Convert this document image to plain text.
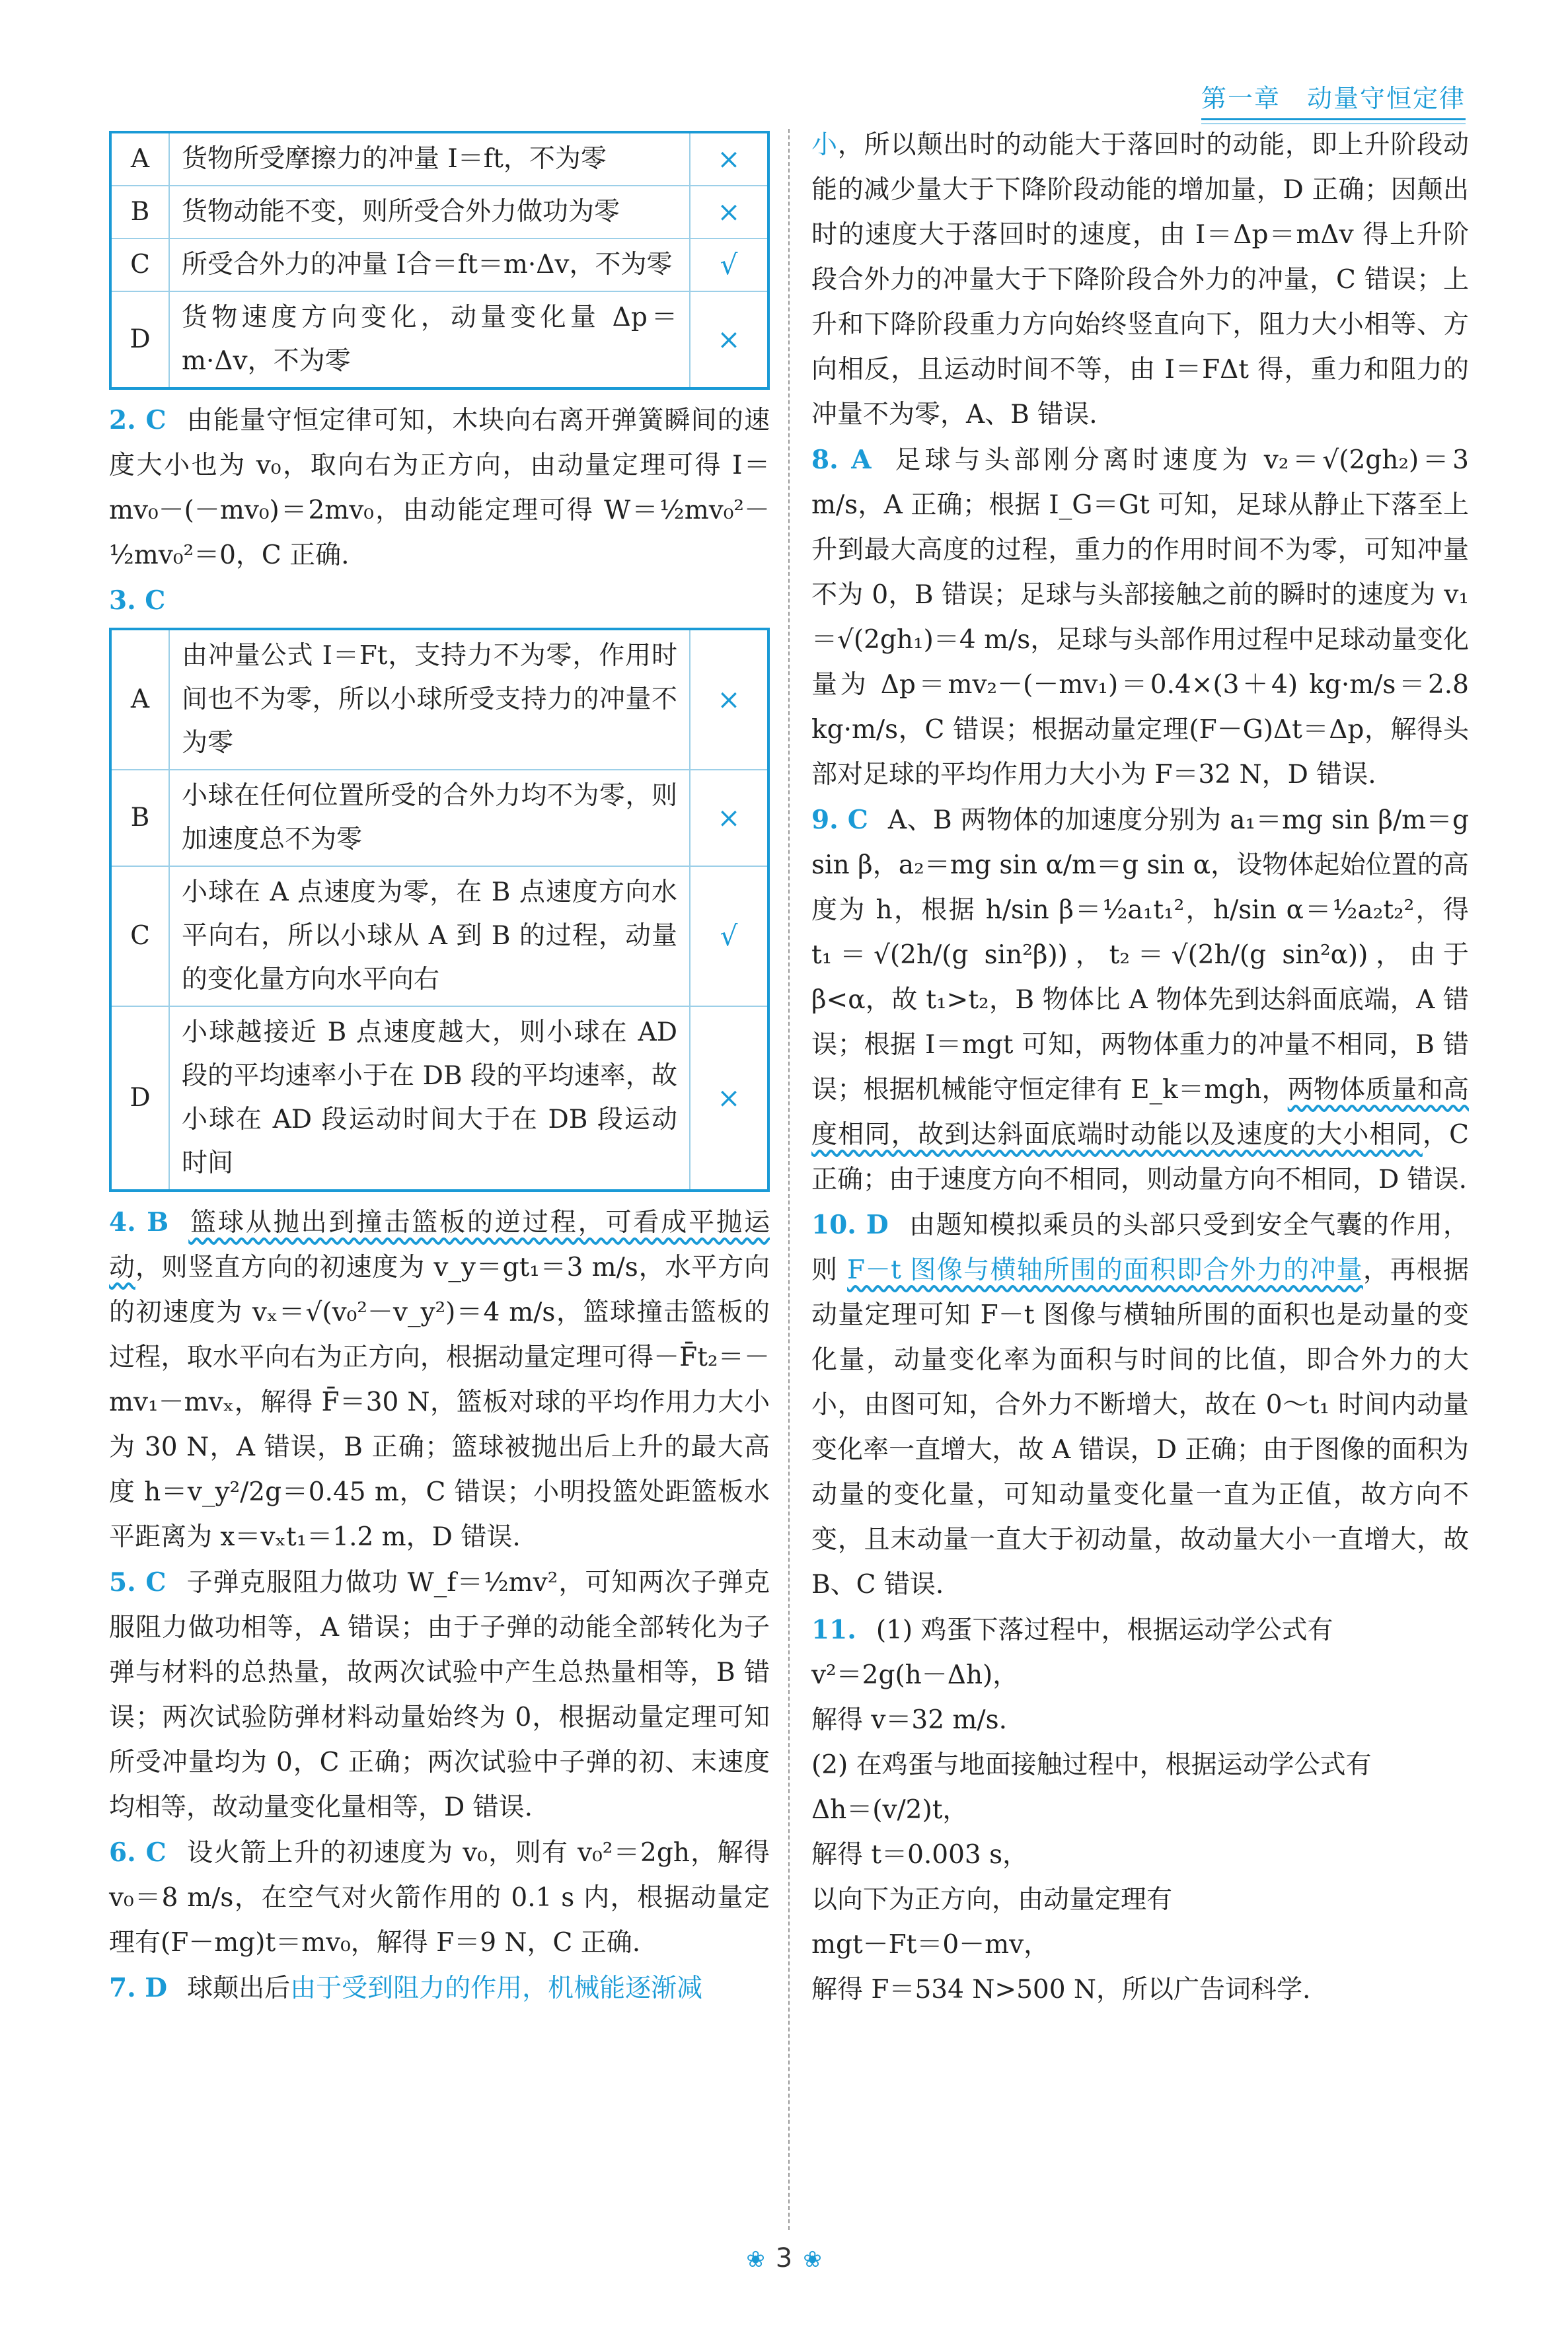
第一章　动量守恒定律
A	货物所受摩擦力的冲量 I＝ft，不为零	×
B	货物动能不变，则所受合外力做功为零	×
C	所受合外力的冲量 I合＝ft＝m·Δv，不为零	√
D	货物速度方向变化，动量变化量 Δp＝m·Δv，不为零	×

2. C 由能量守恒定律可知，木块向右离开弹簧瞬间的速度大小也为 v₀，取向右为正方向，由动量定理可得 I＝mv₀－(－mv₀)＝2mv₀，由动能定理可得 W＝½mv₀²－½mv₀²＝0，C 正确.

3. C

A	由冲量公式 I＝Ft，支持力不为零，作用时间也不为零，所以小球所受支持力的冲量不为零	×
B	小球在任何位置所受的合外力均不为零，则加速度总不为零	×
C	小球在 A 点速度为零，在 B 点速度方向水平向右，所以小球从 A 到 B 的过程，动量的变化量方向水平向右	√
D	小球越接近 B 点速度越大，则小球在 AD 段的平均速率小于在 DB 段的平均速率，故小球在 AD 段运动时间大于在 DB 段运动时间	×

4. B 篮球从抛出到撞击篮板的逆过程，可看成平抛运动，则竖直方向的初速度为 v_y＝gt₁＝3 m/s，水平方向的初速度为 vₓ＝√(v₀²－v_y²)＝4 m/s，篮球撞击篮板的过程，取水平向右为正方向，根据动量定理可得－F̄t₂＝－mv₁－mvₓ，解得 F̄＝30 N，篮板对球的平均作用力大小为 30 N，A 错误，B 正确；篮球被抛出后上升的最大高度 h＝v_y²/2g＝0.45 m，C 错误；小明投篮处距篮板水平距离为 x＝vₓt₁＝1.2 m，D 错误.

5. C 子弹克服阻力做功 W_f＝½mv²，可知两次子弹克服阻力做功相等，A 错误；由于子弹的动能全部转化为子弹与材料的总热量，故两次试验中产生总热量相等，B 错误；两次试验防弹材料动量始终为 0，根据动量定理可知所受冲量均为 0，C 正确；两次试验中子弹的初、末速度均相等，故动量变化量相等，D 错误.

6. C 设火箭上升的初速度为 v₀，则有 v₀²＝2gh，解得 v₀＝8 m/s，在空气对火箭作用的 0.1 s 内，根据动量定理有(F－mg)t＝mv₀，解得 F＝9 N，C 正确.

7. D 球颠出后由于受到阻力的作用，机械能逐渐减

小，所以颠出时的动能大于落回时的动能，即上升阶段动能的减少量大于下降阶段动能的增加量，D 正确；因颠出时的速度大于落回时的速度，由 I＝Δp＝mΔv 得上升阶段合外力的冲量大于下降阶段合外力的冲量，C 错误；上升和下降阶段重力方向始终竖直向下，阻力大小相等、方向相反，且运动时间不等，由 I＝FΔt 得，重力和阻力的冲量不为零，A、B 错误.

8. A 足球与头部刚分离时速度为 v₂＝√(2gh₂)＝3 m/s，A 正确；根据 I_G＝Gt 可知，足球从静止下落至上升到最大高度的过程，重力的作用时间不为零，可知冲量不为 0，B 错误；足球与头部接触之前的瞬时的速度为 v₁＝√(2gh₁)＝4 m/s，足球与头部作用过程中足球动量变化量为 Δp＝mv₂－(－mv₁)＝0.4×(3＋4) kg·m/s＝2.8 kg·m/s，C 错误；根据动量定理(F－G)Δt＝Δp，解得头部对足球的平均作用力大小为 F＝32 N，D 错误.

9. C A、B 两物体的加速度分别为 a₁＝mg sin β/m＝g sin β，a₂＝mg sin α/m＝g sin α，设物体起始位置的高度为 h，根据 h/sin β＝½a₁t₁²，h/sin α＝½a₂t₂²，得 t₁＝√(2h/(g sin²β))，t₂＝√(2h/(g sin²α))，由于 β<α，故 t₁>t₂，B 物体比 A 物体先到达斜面底端，A 错误；根据 I＝mgt 可知，两物体重力的冲量不相同，B 错误；根据机械能守恒定律有 E_k＝mgh，两物体质量和高度相同，故到达斜面底端时动能以及速度的大小相同，C 正确；由于速度方向不相同，则动量方向不相同，D 错误.

10. D 由题知模拟乘员的头部只受到安全气囊的作用，则 F－t 图像与横轴所围的面积即合外力的冲量，再根据动量定理可知 F－t 图像与横轴所围的面积也是动量的变化量，动量变化率为面积与时间的比值，即合外力的大小，由图可知，合外力不断增大，故在 0～t₁ 时间内动量变化率一直增大，故 A 错误，D 正确；由于图像的面积为动量的变化量，可知动量变化量一直为正值，故方向不变，且末动量一直大于初动量，故动量大小一直增大，故 B、C 错误.

11. (1) 鸡蛋下落过程中，根据运动学公式有

v²＝2g(h－Δh)，

解得 v＝32 m/s.

(2) 在鸡蛋与地面接触过程中，根据运动学公式有

Δh＝(v/2)t，

解得 t＝0.003 s，

以向下为正方向，由动量定理有

mgt－Ft＝0－mv，

解得 F＝534 N>500 N，所以广告词科学.

❀ 3 ❀
